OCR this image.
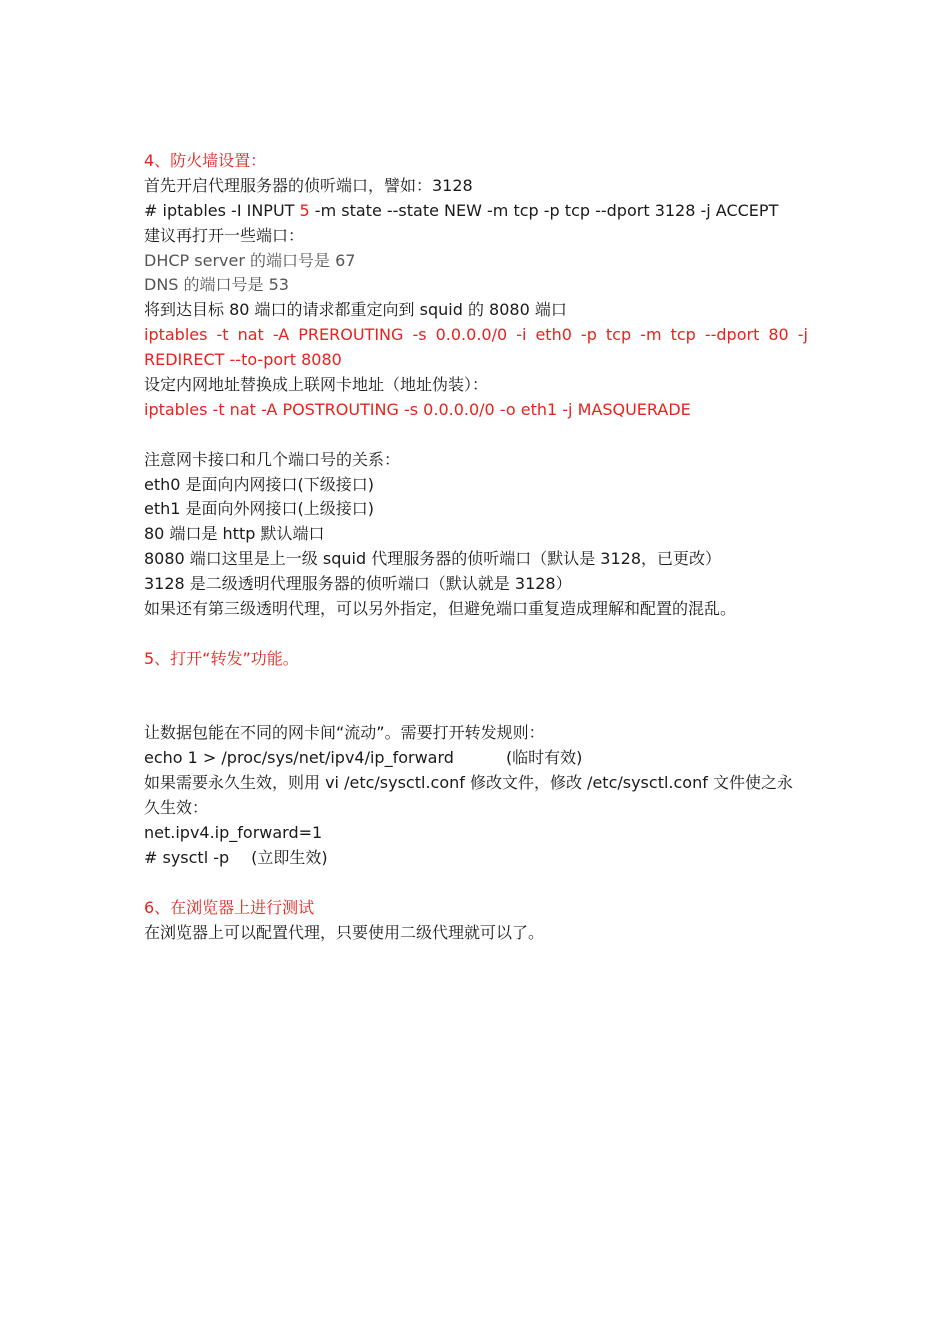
4、防火墙设置：
首先开启代理服务器的侦听端口，譬如：3128
# iptables -I INPUT 5 -m state --state NEW -m tcp -p tcp --dport 3128 -j ACCEPT
建议再打开一些端口：
DHCP server 的端口号是 67
DNS 的端口号是 53
将到达目标 80 端口的请求都重定向到 squid 的 8080 端口
iptables -t nat -A PREROUTING -s 0.0.0.0/0 -i eth0 -p tcp -m tcp --dport 80 -j
REDIRECT --to-port 8080
设定内网地址替换成上联网卡地址（地址伪装）：
iptables -t nat -A POSTROUTING -s 0.0.0.0/0 -o eth1 -j MASQUERADE
注意网卡接口和几个端口号的关系：
eth0 是面向内网接口(下级接口)
eth1 是面向外网接口(上级接口)
80 端口是 http 默认端口
8080 端口这里是上一级 squid 代理服务器的侦听端口（默认是 3128，已更改）
3128 是二级透明代理服务器的侦听端口（默认就是 3128）
如果还有第三级透明代理，可以另外指定，但避免端口重复造成理解和配置的混乱。
5、打开“转发”功能。
让数据包能在不同的网卡间“流动”。需要打开转发规则：
echo 1 > /proc/sys/net/ipv4/ip_forward	(临时有效)
如果需要永久生效，则用 vi /etc/sysctl.conf 修改文件，修改 /etc/sysctl.conf 文件使之永久生效：
net.ipv4.ip_forward=1
# sysctl -p (立即生效)
6、在浏览器上进行测试
在浏览器上可以配置代理，只要使用二级代理就可以了。
